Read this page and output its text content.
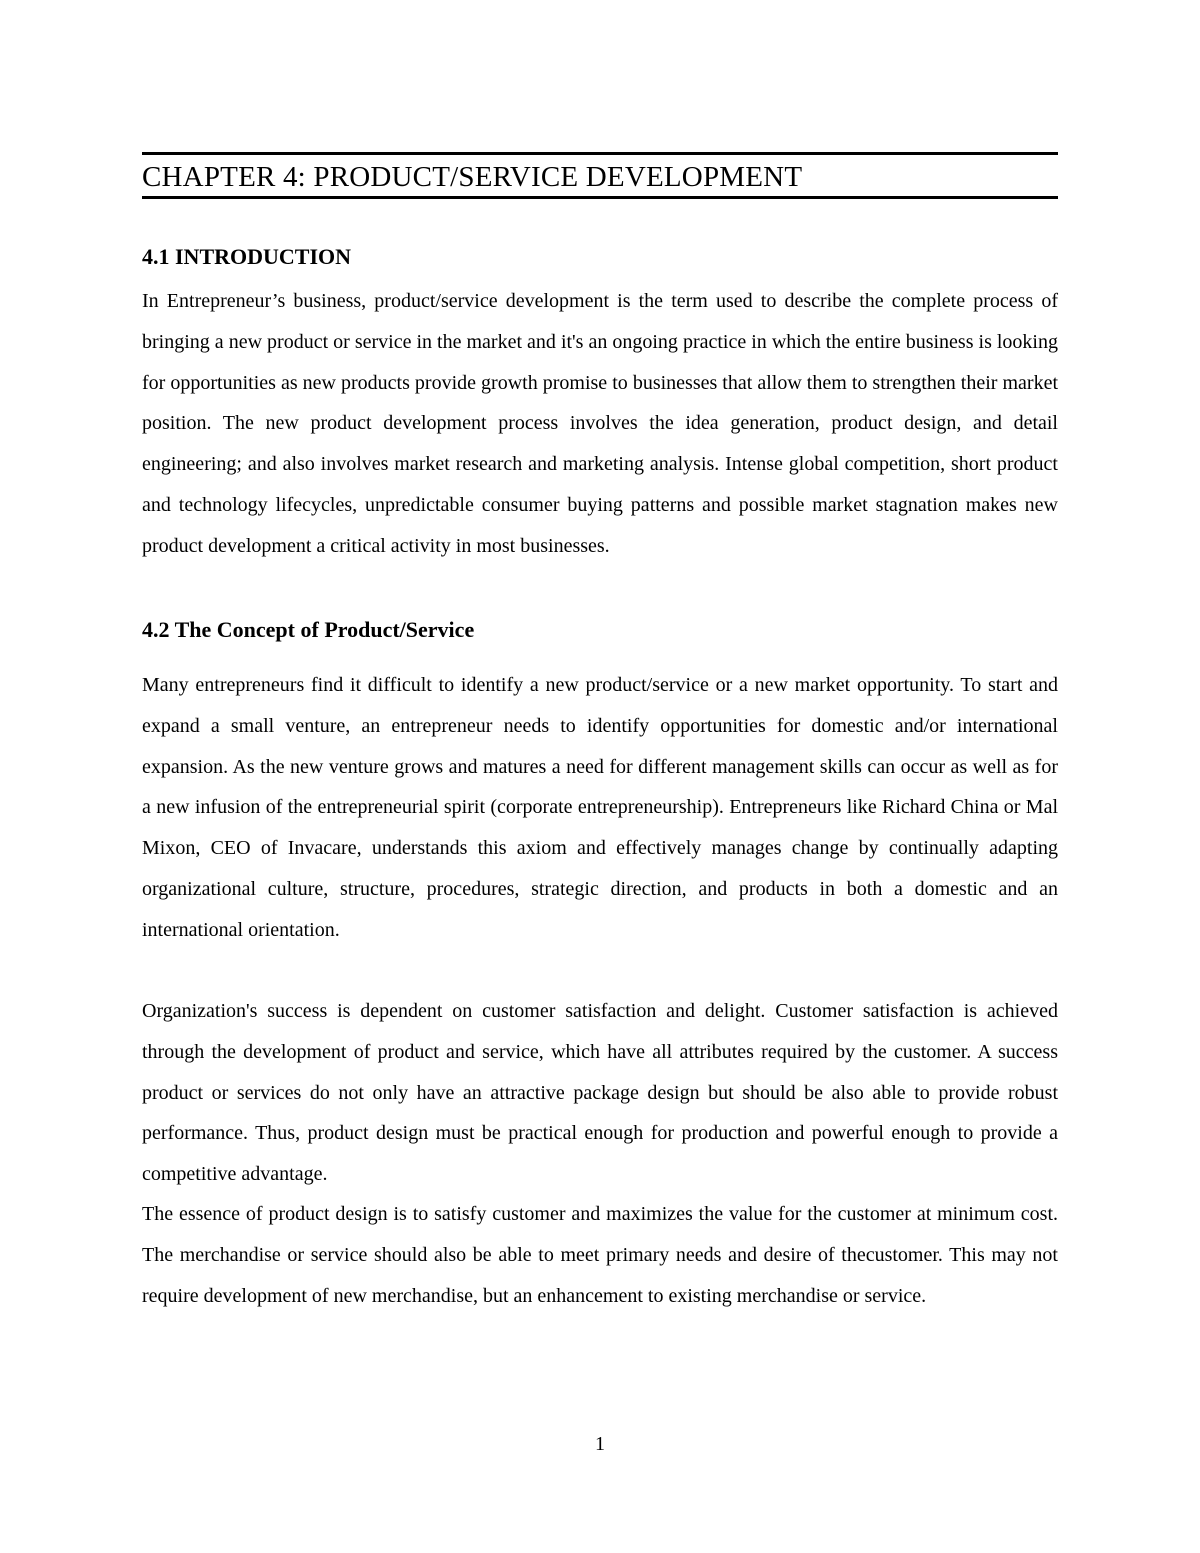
CHAPTER 4: PRODUCT/SERVICE DEVELOPMENT
4.1 INTRODUCTION

In Entrepreneur’s business, product/service development is the term used to describe the complete process of bringing a new product or service in the market and it's an ongoing practice in which the entire business is looking for opportunities as new products provide growth promise to businesses that allow them to strengthen their market position. The new product development process involves the idea generation, product design, and detail engineering; and also involves market research and marketing analysis. Intense global competition, short product and technology lifecycles, unpredictable consumer buying patterns and possible market stagnation makes new product development a critical activity in most businesses.

4.2 The Concept of Product/Service

Many entrepreneurs find it difficult to identify a new product/service or a new market opportunity. To start and expand a small venture, an entrepreneur needs to identify opportunities for domestic and/or international expansion. As the new venture grows and matures a need for different management skills can occur as well as for a new infusion of the entrepreneurial spirit (corporate entrepreneurship). Entrepreneurs like Richard China or Mal Mixon, CEO of Invacare, understands this axiom and effectively manages change by continually adapting organizational culture, structure, procedures, strategic direction, and products in both a domestic and an international orientation.

Organization's success is dependent on customer satisfaction and delight. Customer satisfaction is achieved through the development of product and service, which have all attributes required by the customer. A success product or services do not only have an attractive package design but should be also able to provide robust performance. Thus, product design must be practical enough for production and powerful enough to provide a competitive advantage.

The essence of product design is to satisfy customer and maximizes the value for the customer at minimum cost. The merchandise or service should also be able to meet primary needs and desire of thecustomer. This may not require development of new merchandise, but an enhancement to existing merchandise or service.

1
